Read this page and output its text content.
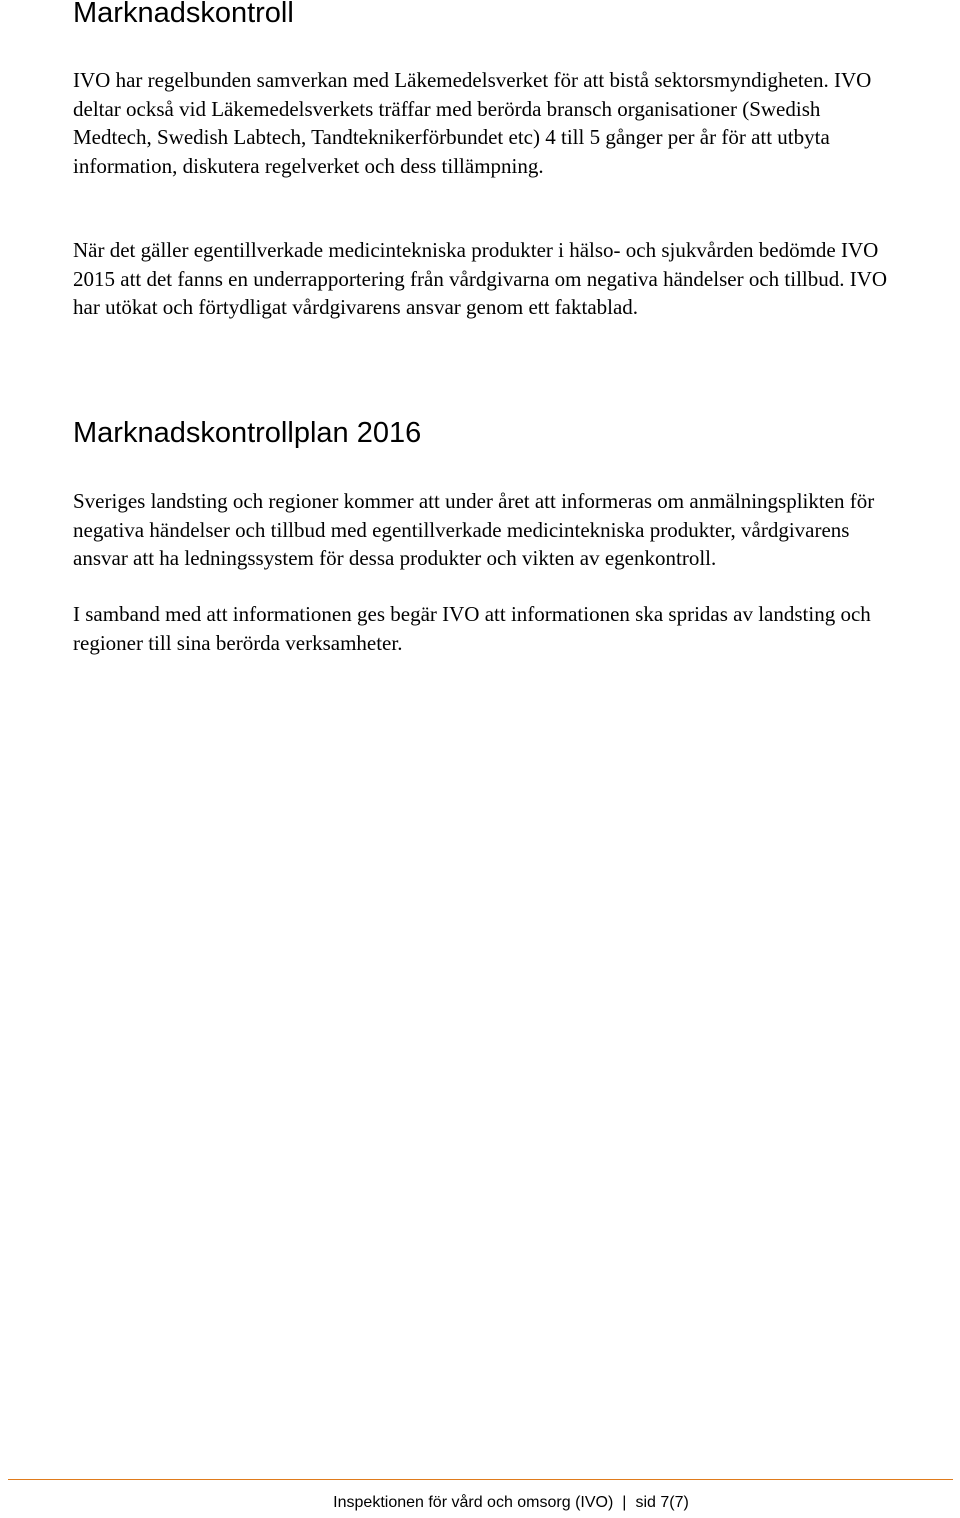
Marknadskontroll

IVO har regelbunden samverkan med Läkemedelsverket för att bistå sektorsmyndigheten. IVO deltar också vid Läkemedelsverkets träffar med berörda bransch organisationer (Swedish Medtech, Swedish Labtech, Tandteknikerförbundet etc) 4 till 5 gånger per år för att utbyta information, diskutera regelverket och dess tillämpning.

När det gäller egentillverkade medicintekniska produkter i hälso- och sjukvården bedömde IVO 2015 att det fanns en underrapportering från vårdgivarna om negativa händelser och tillbud. IVO har utökat och förtydligat vårdgivarens ansvar genom ett faktablad.

Marknadskontrollplan 2016

Sveriges landsting och regioner kommer att under året att informeras om anmälningsplikten för negativa händelser och tillbud med egentillverkade medicintekniska produkter, vårdgivarens ansvar att ha ledningssystem för dessa produkter och vikten av egenkontroll.

I samband med att informationen ges begär IVO att informationen ska spridas av landsting och regioner till sina berörda verksamheter.

Inspektionen för vård och omsorg (IVO) | sid 7(7)
